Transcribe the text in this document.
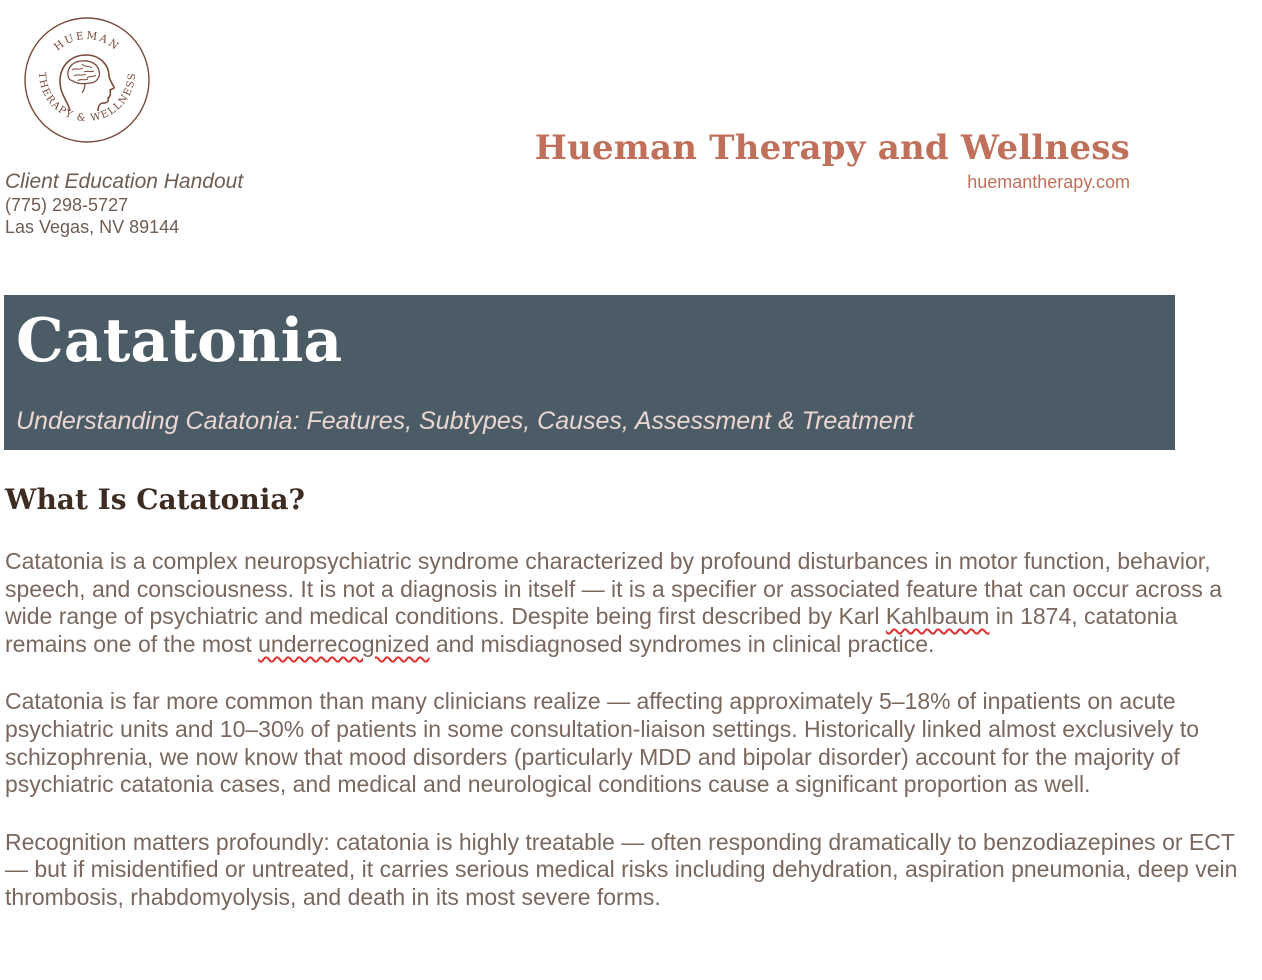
HUEMAN
THERAPY & WELLNESS
Hueman Therapy and Wellness
huemantherapy.com
Client Education Handout
(775) 298-5727
Las Vegas, NV 89144
Catatonia
Understanding Catatonia: Features, Subtypes, Causes, Assessment & Treatment
What Is Catatonia?

Catatonia is a complex neuropsychiatric syndrome characterized by profound disturbances in motor function, behavior, speech, and consciousness. It is not a diagnosis in itself — it is a specifier or associated feature that can occur across a wide range of psychiatric and medical conditions. Despite being first described by Karl Kahlbaum in 1874, catatonia remains one of the most underrecognized and misdiagnosed syndromes in clinical practice.

Catatonia is far more common than many clinicians realize — affecting approximately 5–18% of inpatients on acute psychiatric units and 10–30% of patients in some consultation-liaison settings. Historically linked almost exclusively to schizophrenia, we now know that mood disorders (particularly MDD and bipolar disorder) account for the majority of psychiatric catatonia cases, and medical and neurological conditions cause a significant proportion as well.

Recognition matters profoundly: catatonia is highly treatable — often responding dramatically to benzodiazepines or ECT — but if misidentified or untreated, it carries serious medical risks including dehydration, aspiration pneumonia, deep vein thrombosis, rhabdomyolysis, and death in its most severe forms.
